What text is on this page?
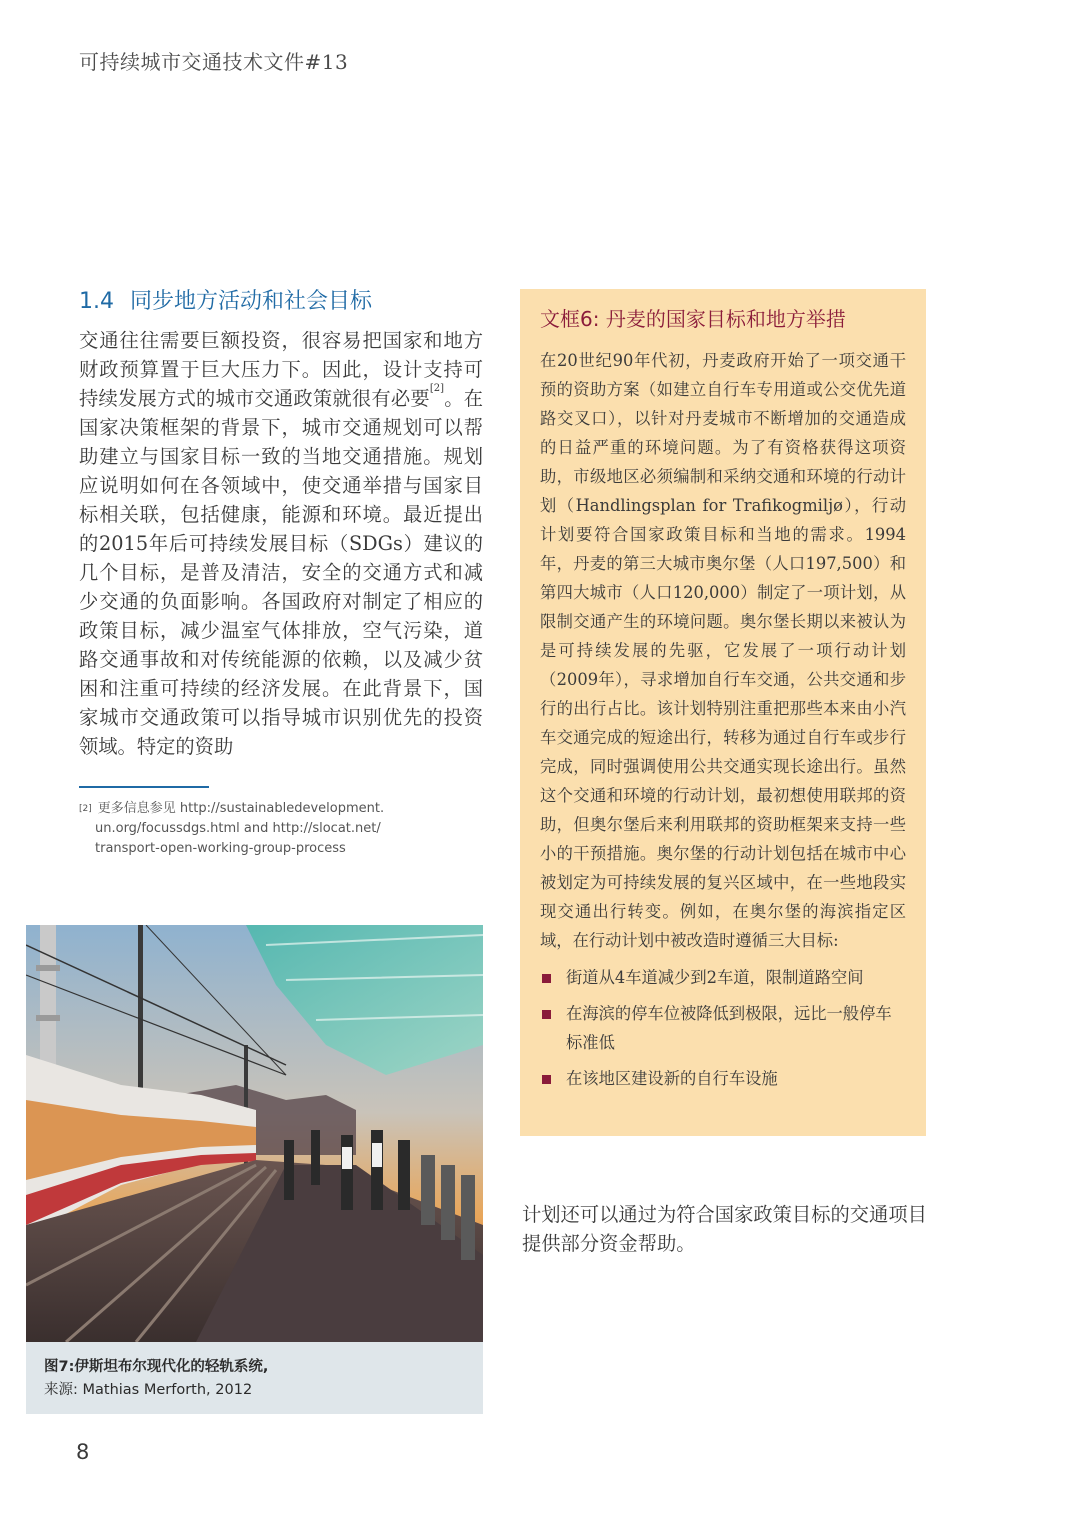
可持续城市交通技术文件#13
1.4 同步地方活动和社会目标
交通往往需要巨额投资，很容易把国家和地方财政预算置于巨大压力下。因此，设计支持可持续发展方式的城市交通政策就很有必要[2]。在国家决策框架的背景下，城市交通规划可以帮助建立与国家目标一致的当地交通措施。规划应说明如何在各领域中，使交通举措与国家目标相关联，包括健康，能源和环境。最近提出的2015年后可持续发展目标（SDGs）建议的几个目标，是普及清洁，安全的交通方式和减少交通的负面影响。各国政府对制定了相应的政策目标，减少温室气体排放，空气污染，道路交通事故和对传统能源的依赖，以及减少贫困和注重可持续的经济发展。在此背景下，国家城市交通政策可以指导城市识别优先的投资领域。特定的资助
[2] 更多信息参见 http://sustainabledevelopment.
un.org/focussdgs.html and http://slocat.net/
transport-open-working-group-process
图7:伊斯坦布尔现代化的轻轨系统,
来源: Mathias Merforth, 2012
8
文框6: 丹麦的国家目标和地方举措

在20世纪90年代初，丹麦政府开始了一项交通干预的资助方案（如建立自行车专用道或公交优先道路交叉口），以针对丹麦城市不断增加的交通造成的日益严重的环境问题。为了有资格获得这项资助，市级地区必须编制和采纳交通和环境的行动计划（Handlingsplan for Trafikogmiljø），行动计划要符合国家政策目标和当地的需求。1994年，丹麦的第三大城市奥尔堡（人口197,500）和第四大城市（人口120,000）制定了一项计划，从限制交通产生的环境问题。奥尔堡长期以来被认为是可持续发展的先驱，它发展了一项行动计划（2009年），寻求增加自行车交通，公共交通和步行的出行占比。该计划特别注重把那些本来由小汽车交通完成的短途出行，转移为通过自行车或步行完成，同时强调使用公共交通实现长途出行。虽然这个交通和环境的行动计划，最初想使用联邦的资助，但奥尔堡后来利用联邦的资助框架来支持一些小的干预措施。奥尔堡的行动计划包括在城市中心被划定为可持续发展的复兴区域中，在一些地段实现交通出行转变。例如，在奥尔堡的海滨指定区域，在行动计划中被改造时遵循三大目标:

街道从4车道减少到2车道，限制道路空间
在海滨的停车位被降低到极限，远比一般停车标准低
在该地区建设新的自行车设施
计划还可以通过为符合国家政策目标的交通项目提供部分资金帮助。
